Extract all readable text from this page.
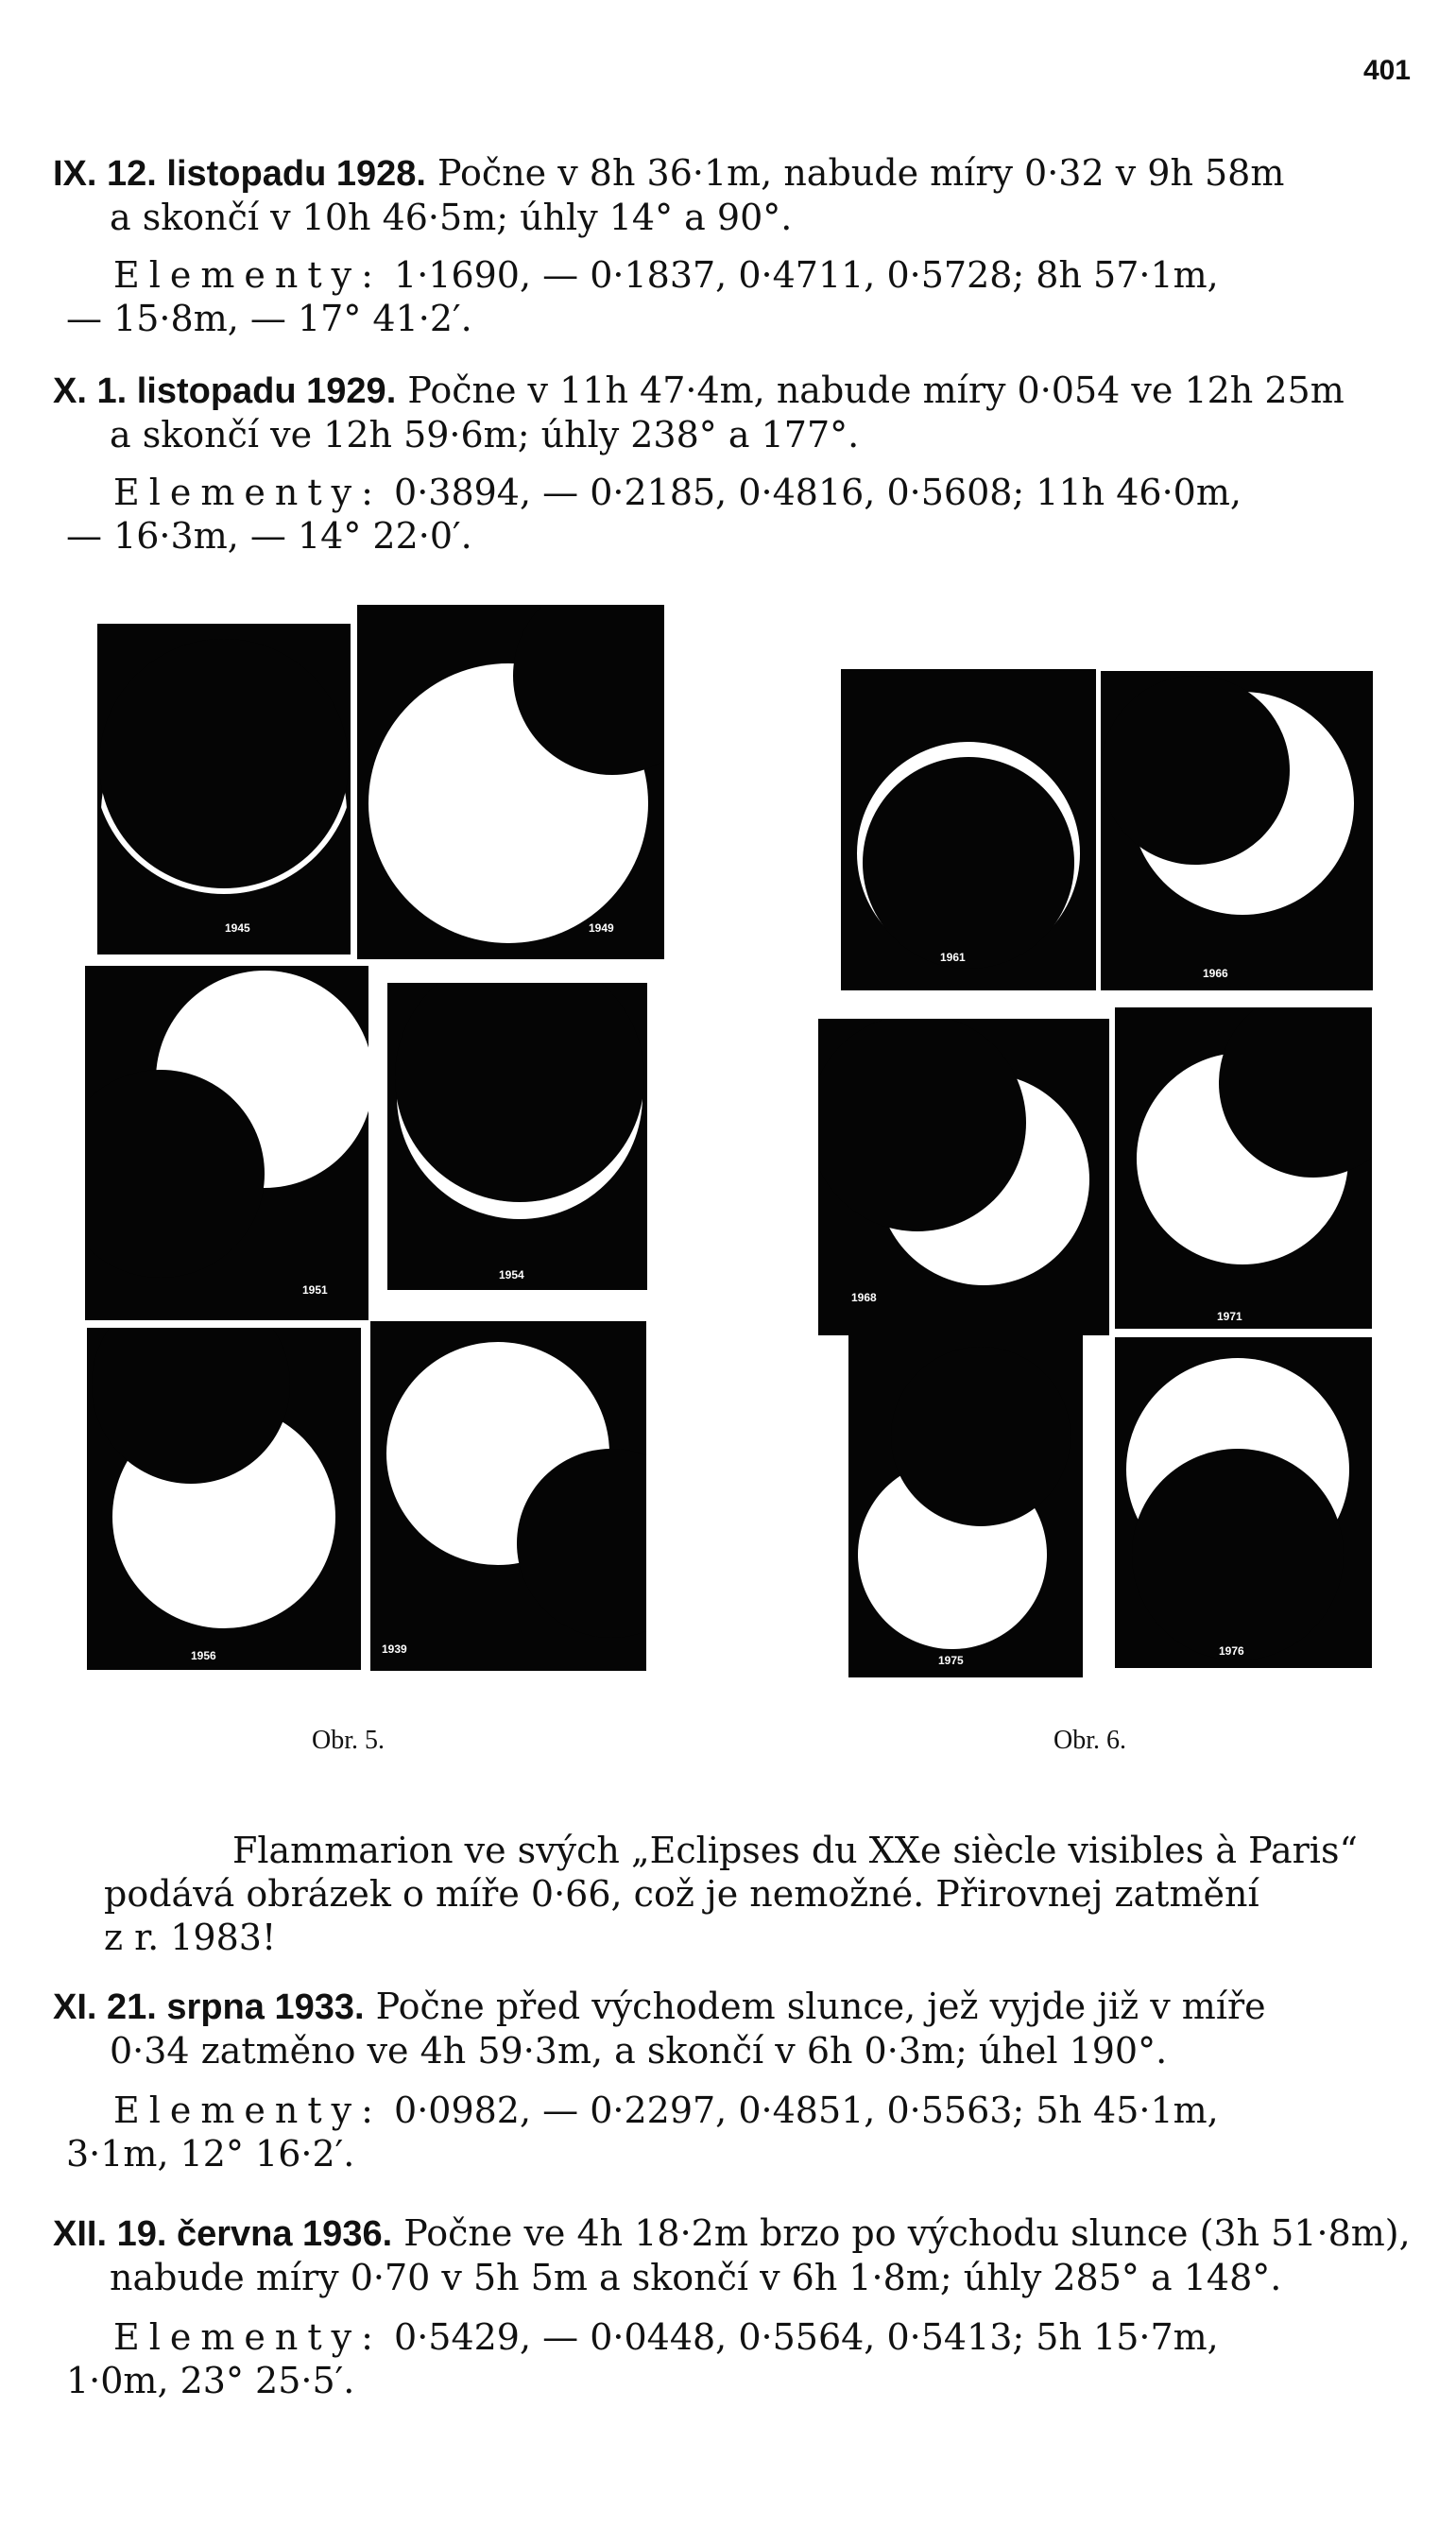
401
IX. 12. listopadu 1928. Počne v 8h 36·1m, nabude míry 0·32 v 9h 58m
a skončí v 10h 46·5m; úhly 14° a 90°.
Elementy: 1·1690, — 0·1837, 0·4711, 0·5728; 8h 57·1m,
— 15·8m, — 17° 41·2′.
X. 1. listopadu 1929. Počne v 11h 47·4m, nabude míry 0·054 ve 12h 25m
a skončí ve 12h 59·6m; úhly 238° a 177°.
Elementy: 0·3894, — 0·2185, 0·4816, 0·5608; 11h 46·0m,
— 16·3m, — 14° 22·0′.
1945	1949
1951
1954
1956	1939
Obr. 5.
1961
1966
1968
1971
1975
1976
Obr. 6.
Flammarion ve svých „Eclipses du XXe siècle visibles à Paris“
podává obrázek o míře 0·66, což je nemožné. Přirovnej zatmění
z r. 1983!
XI. 21. srpna 1933. Počne před východem slunce, jež vyjde již v míře
0·34 zatměno ve 4h 59·3m, a skončí v 6h 0·3m; úhel 190°.
Elementy: 0·0982, — 0·2297, 0·4851, 0·5563; 5h 45·1m,
3·1m, 12° 16·2′.
XII. 19. června 1936. Počne ve 4h 18·2m brzo po východu slunce (3h 51·8m),
nabude míry 0·70 v 5h 5m a skončí v 6h 1·8m; úhly 285° a 148°.
Elementy: 0·5429, — 0·0448, 0·5564, 0·5413; 5h 15·7m,
1·0m, 23° 25·5′.
